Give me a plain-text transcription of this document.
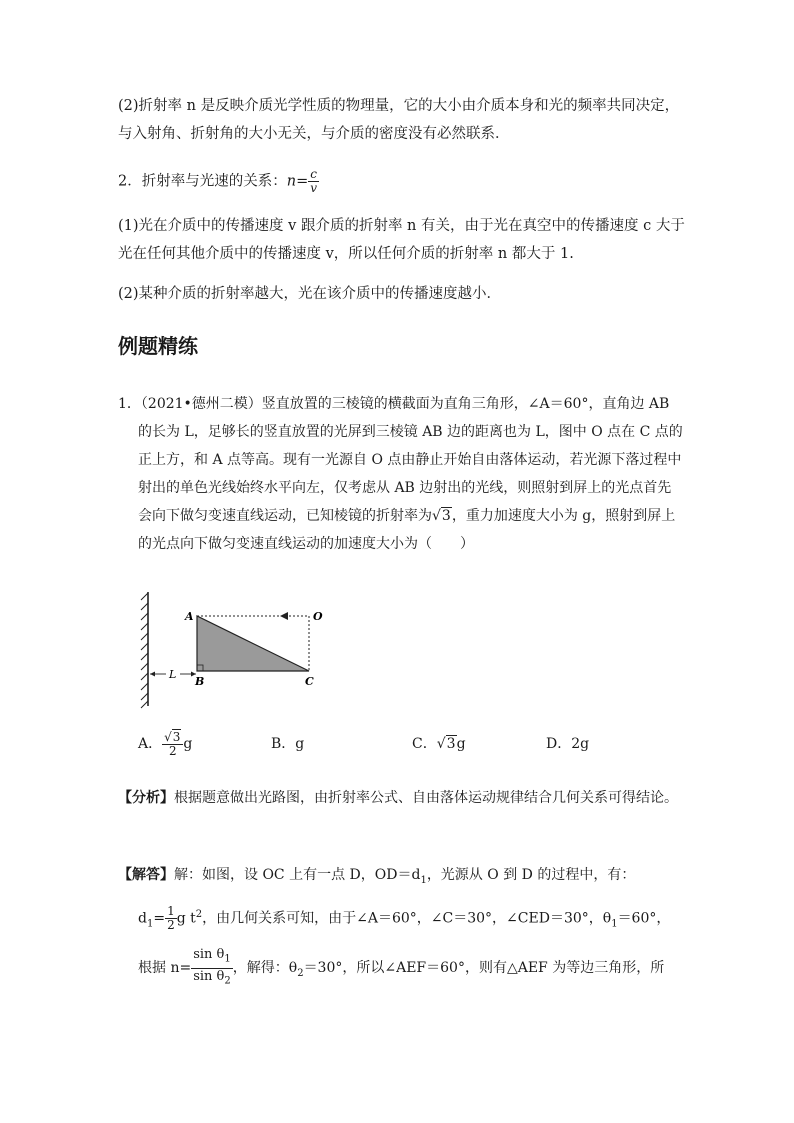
(2)折射率 n 是反映介质光学性质的物理量，它的大小由介质本身和光的频率共同决定，与入射角、折射角的大小无关，与介质的密度没有必然联系．
2．折射率与光速的关系：$n= \frac{c}{v}$
(1)光在介质中的传播速度 v 跟介质的折射率 n 有关，由于光在真空中的传播速度 c 大于光在任何其他介质中的传播速度 v，所以任何介质的折射率 n 都大于 1.
(2)某种介质的折射率越大，光在该介质中的传播速度越小．
例题精练
1．（2021•德州二模）竖直放置的三棱镜的横截面为直角三角形，∠A＝60°，直角边 AB
的长为 L，足够长的竖直放置的光屏到三棱镜 AB 边的距离也为 L，图中 O 点在 C 点的
正上方，和 A 点等高。现有一光源自 O 点由静止开始自由落体运动，若光源下落过程中
射出的单色光线始终水平向左，仅考虑从 AB 边射出的光线，则照射到屏上的光点首先
会向下做匀变速直线运动，已知棱镜的折射率为√3，重力加速度大小为 g，照射到屏上
的光点向下做匀变速直线运动的加速度大小为（　　）
L
A
B	C
O
A． $\frac{√3}{2}$ g	B．g	C．√3g	D．2g
【分析】根据题意做出光路图，由折射率公式、自由落体运动规律结合几何关系可得结论。
【解答】解：如图，设 OC 上有一点 D，$OD=d_1$，光源从 O 到 D 的过程中，有：
$d_1= \frac{1}{2}$ g $t^2$，由几何关系可知，由于∠A＝60°，∠C＝30°，∠CED＝30°，$\theta_1=60^\circ$，
根据 $n= \frac{\sin \theta_1}{\sin \theta_2}$ ，解得：$\theta_2=30^\circ$，所以∠AEF＝60°，则有△AEF 为等边三角形，所
